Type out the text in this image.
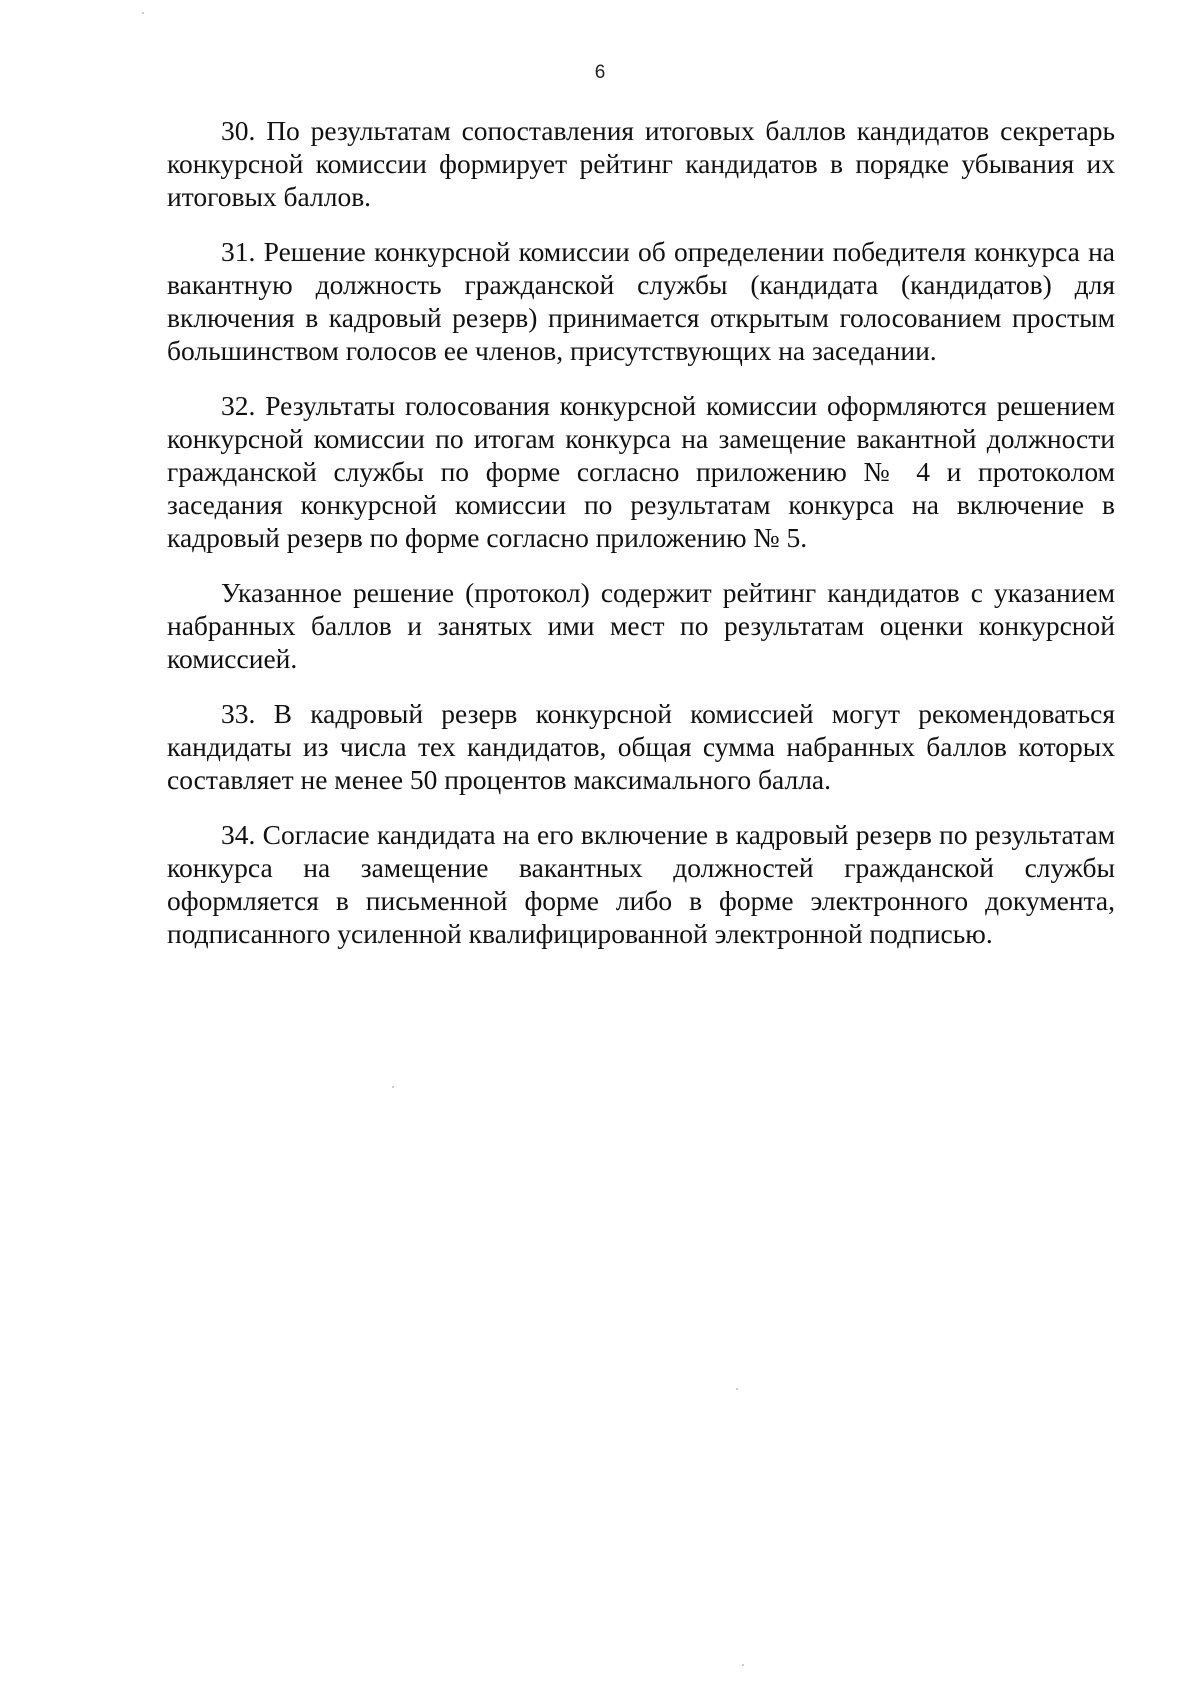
6

30. По результатам сопоставления итоговых баллов кандидатов секретарь конкурсной комиссии формирует рейтинг кандидатов в порядке убывания их итоговых баллов.

31. Решение конкурсной комиссии об определении победителя конкурса на вакантную должность гражданской службы (кандидата (кандидатов) для включения в кадровый резерв) принимается открытым голосованием простым большинством голосов ее членов, присутствующих на заседании.

32. Результаты голосования конкурсной комиссии оформляются решением конкурсной комиссии по итогам конкурса на замещение вакантной должности гражданской службы по форме согласно приложению № 4 и протоколом заседания конкурсной комиссии по результатам конкурса на включение в кадровый резерв по форме согласно приложению № 5.

Указанное решение (протокол) содержит рейтинг кандидатов с указанием набранных баллов и занятых ими мест по результатам оценки конкурсной комиссией.

33. В кадровый резерв конкурсной комиссией могут рекомендоваться кандидаты из числа тех кандидатов, общая сумма набранных баллов которых составляет не менее 50 процентов максимального балла.

34. Согласие кандидата на его включение в кадровый резерв по результатам конкурса на замещение вакантных должностей гражданской службы оформляется в письменной форме либо в форме электронного документа, подписанного усиленной квалифицированной электронной подписью.
